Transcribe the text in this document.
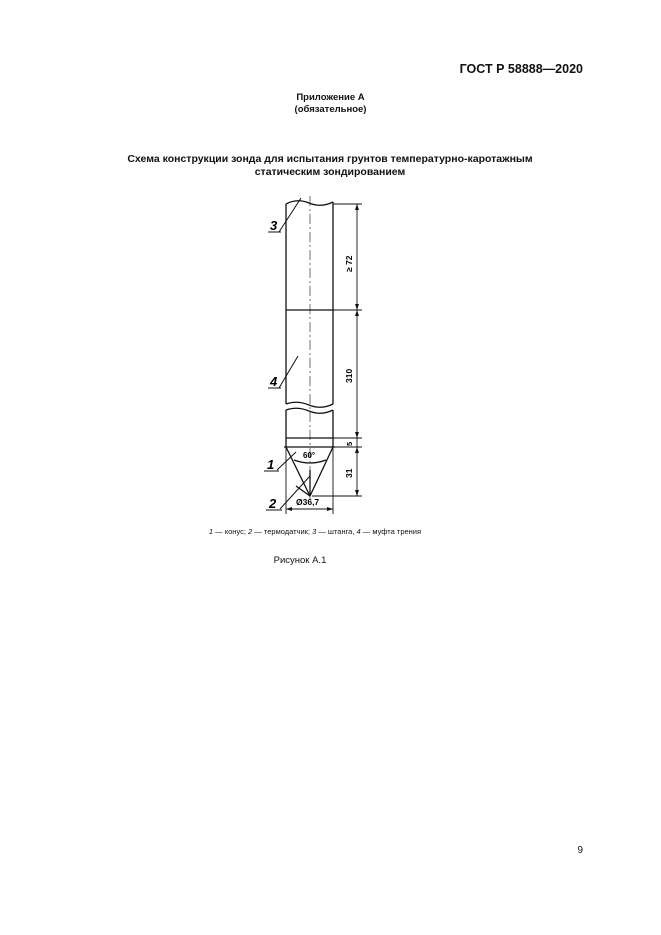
ГОСТ Р 58888—2020
Приложение А
(обязательное)
Схема конструкции зонда для испытания грунтов температурно-каротажным
статическим зондированием
≥ 72
310
5
31
Ø36,7
60°
3
4
1
2
1 — конус; 2 — термодатчик; 3 — штанга, 4 — муфта трения
Рисунок А.1
9
